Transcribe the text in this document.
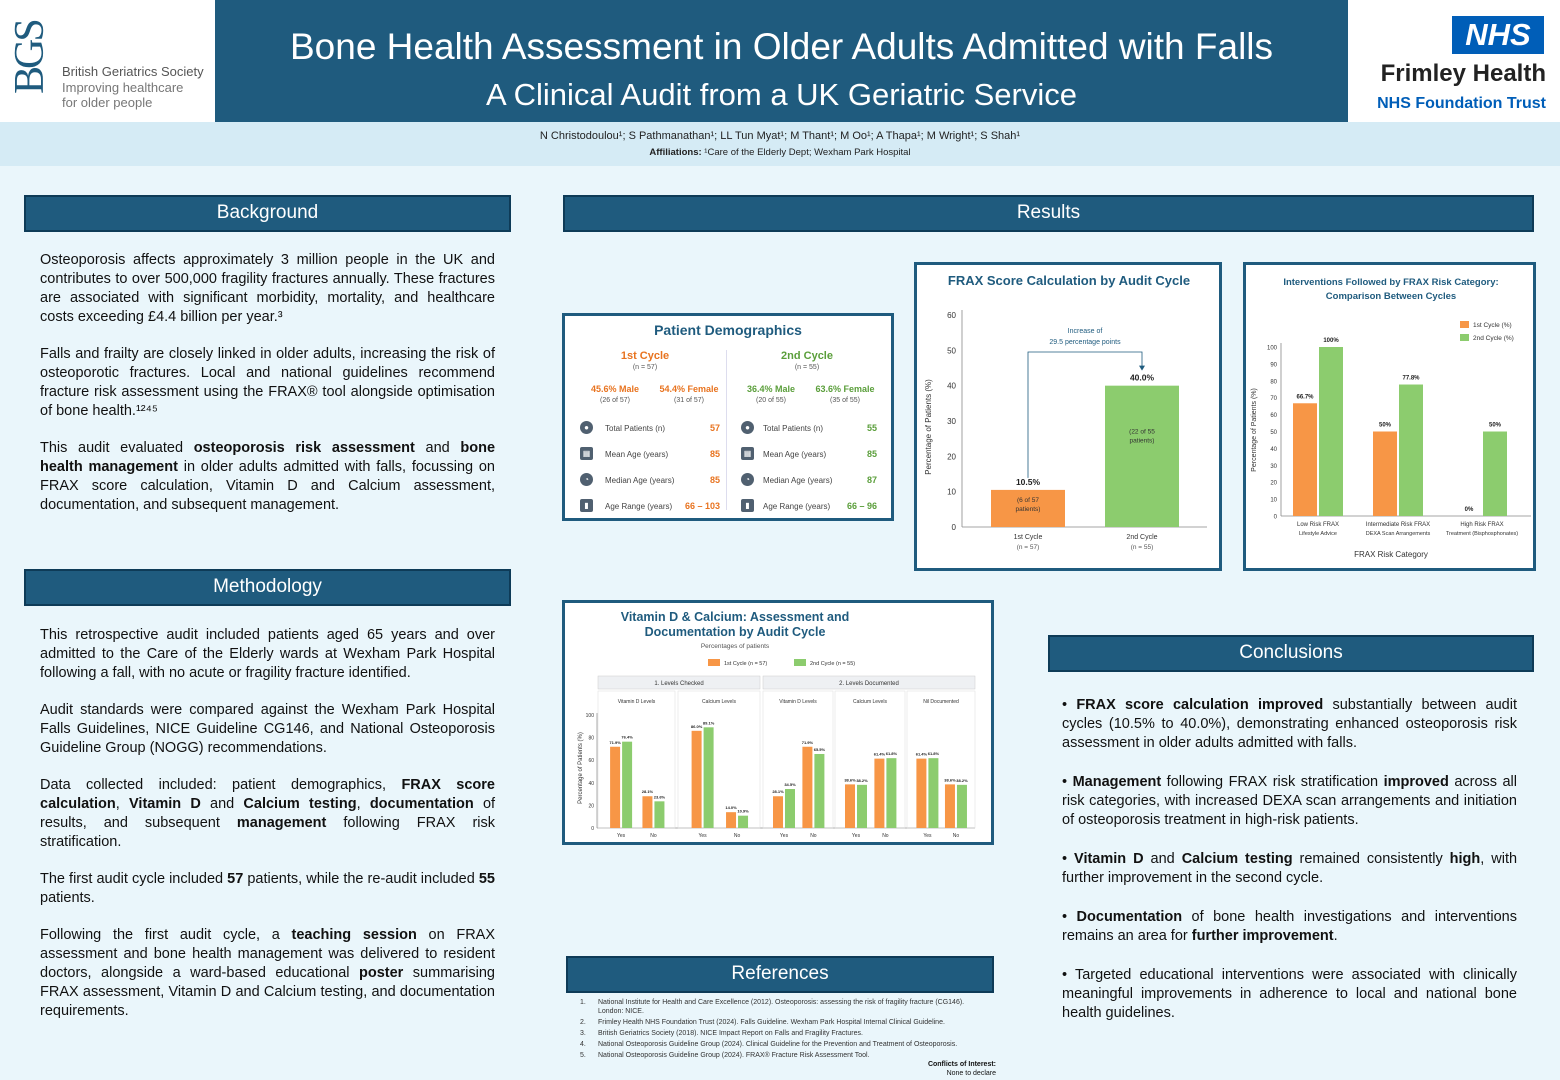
BGS British Geriatrics Society
Improving healthcare
for older people
Bone Health Assessment in Older Adults Admitted with Falls
A Clinical Audit from a UK Geriatric Service
NHS
Frimley Health
NHS Foundation Trust
N Christodoulou¹; S Pathmanathan¹; LL Tun Myat¹; M Thant¹; M Oo¹; A Thapa¹; M Wright¹; S Shah¹
Affiliations: ¹Care of the Elderly Dept; Wexham Park Hospital
Background

Osteoporosis affects approximately 3 million people in the UK and contributes to over 500,000 fragility fractures annually. These fractures are associated with significant morbidity, mortality, and healthcare costs exceeding £4.4 billion per year.³

Falls and frailty are closely linked in older adults, increasing the risk of osteoporotic fractures. Local and national guidelines recommend fracture risk assessment using the FRAX® tool alongside optimisation of bone health.¹²⁴⁵

This audit evaluated osteoporosis risk assessment and bone health management in older adults admitted with falls, focussing on FRAX score calculation, Vitamin D and Calcium assessment, documentation, and subsequent management.

Methodology

This retrospective audit included patients aged 65 years and over admitted to the Care of the Elderly wards at Wexham Park Hospital following a fall, with no acute or fragility fracture identified.

Audit standards were compared against the Wexham Park Hospital Falls Guidelines, NICE Guideline CG146, and National Osteoporosis Guideline Group (NOGG) recommendations.

Data collected included: patient demographics, FRAX score calculation, Vitamin D and Calcium testing, documentation of results, and subsequent management following FRAX risk stratification.

The first audit cycle included 57 patients, while the re-audit included 55 patients.

Following the first audit cycle, a teaching session on FRAX assessment and bone health management was delivered to resident doctors, alongside a ward-based educational poster summarising FRAX assessment, Vitamin D and Calcium testing, and documentation requirements.

Results
Patient Demographics
1st Cycle
(n = 57)
2nd Cycle
(n = 55)
45.6% Male
(26 of 57)
54.4% Female
(31 of 57)
36.4% Male
(20 of 55)
63.6% Female
(35 of 55)
●	Total Patients (n)	57	●	Total Patients (n)	55
▦	Mean Age (years)	85	▦	Mean Age (years)	85
◔	Median Age (years)	85	◔	Median Age (years)	87
▮	Age Range (years)	66 – 103	▮	Age Range (years)	66 – 96
FRAX Score Calculation by Audit Cycle
Percentage of Patients (%)
0
10
20
30
40
50
60
10.5%
(6 of 57
patients)
1st Cycle
(n = 57)
40.0%
(22 of 55
patients)
2nd Cycle
(n = 55)
Increase of
29.5 percentage points
Interventions Followed by FRAX Risk Category:
Comparison Between Cycles
Percentage of Patients (%)
FRAX Risk Category
0
10
20
30
40
50
60
70
80
90
100
66.7%
50%
0%
100%
77.8%
50%
Low Risk FRAX
Lifestyle Advice
Intermediate Risk FRAX
DEXA Scan Arrangements
High Risk FRAX
Treatment (Bisphosphonates)
1st Cycle (%)
2nd Cycle (%)
Vitamin D & Calcium: Assessment and
Documentation by Audit Cycle
Percentages of patients
Percentage of Patients (%)
1st Cycle (n = 57)	2nd Cycle (n = 55)
0
20
40
60
80
100
1. Levels Checked	2. Levels Documented
Vitamin D Levels	Calcium Levels	Vitamin D Levels	Calcium Levels	Nil Documented
71.9%
76.4%
Yes
28.1%
23.6%
No
86.0%
89.1%
Yes
14.0%
10.9%
No
28.1%
34.5%
Yes
71.9%
65.5%
No
38.6% 38.2%
Yes
61.4% 61.8%
No
61.4% 61.8%
Yes
38.6% 38.2%
No
Conclusions

• FRAX score calculation improved substantially between audit cycles (10.5% to 40.0%), demonstrating enhanced osteoporosis risk assessment in older adults admitted with falls.

• Management following FRAX risk stratification improved across all risk categories, with increased DEXA scan arrangements and initiation of osteoporosis treatment in high-risk patients.

• Vitamin D and Calcium testing remained consistently high, with further improvement in the second cycle.

• Documentation of bone health investigations and interventions remains an area for further improvement.

• Targeted educational interventions were associated with clinically meaningful improvements in adherence to local and national bone health guidelines.

References
1. National Institute for Health and Care Excellence (2012). Osteoporosis: assessing the risk of fragility fracture (CG146). London: NICE.
2. Frimley Health NHS Foundation Trust (2024). Falls Guideline. Wexham Park Hospital Internal Clinical Guideline.
3. British Geriatrics Society (2018). NICE Impact Report on Falls and Fragility Fractures.
4. National Osteoporosis Guideline Group (2024). Clinical Guideline for the Prevention and Treatment of Osteoporosis.
5. National Osteoporosis Guideline Group (2024). FRAX® Fracture Risk Assessment Tool.
Conflicts of Interest:
None to declare
